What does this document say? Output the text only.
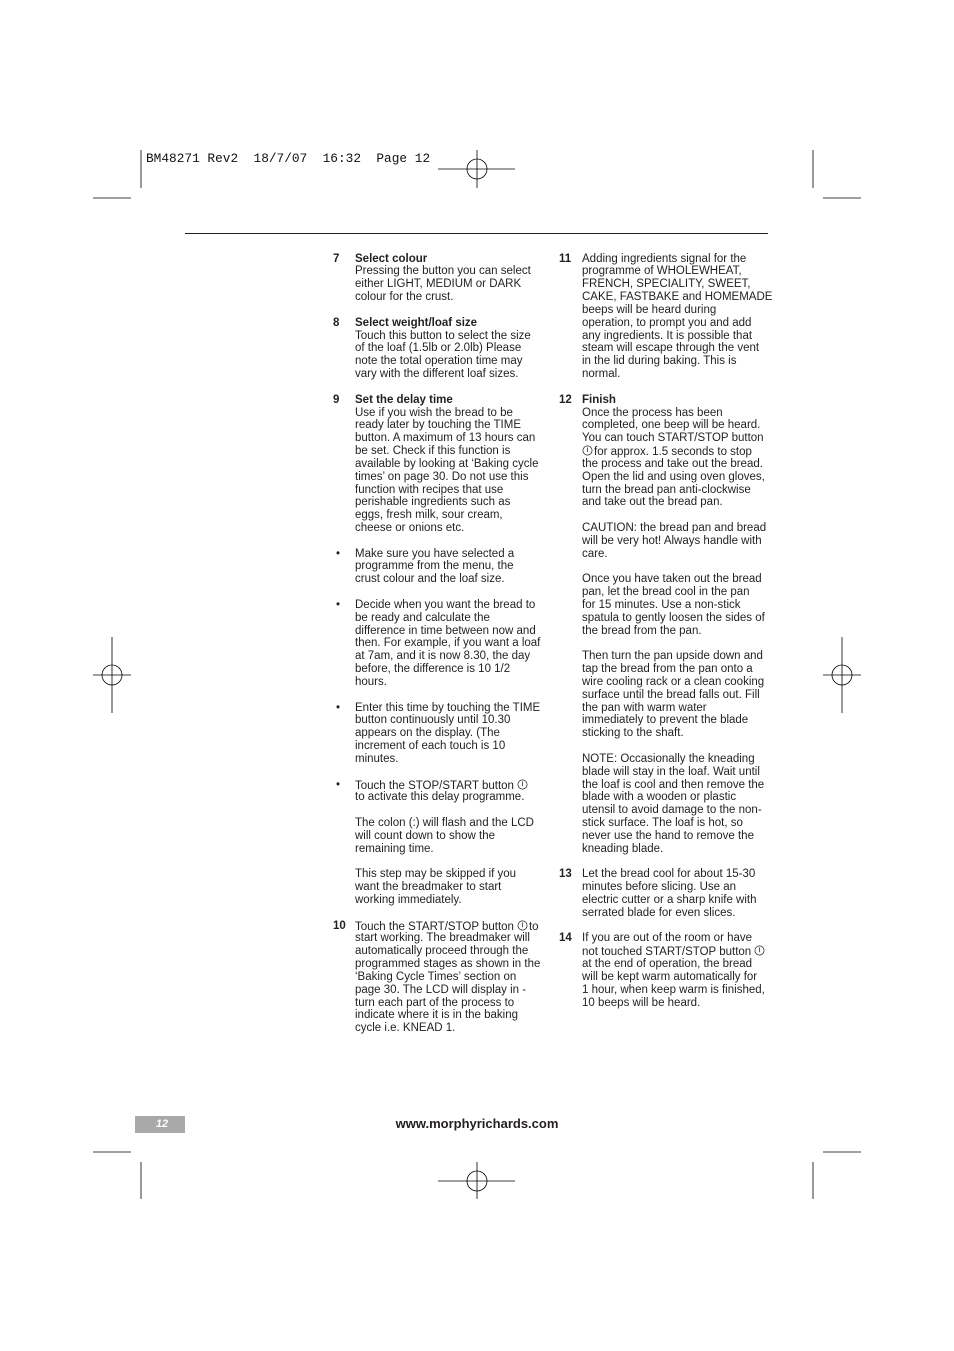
BM48271 Rev2  18/7/07  16:32  Page 12
7	Select colour
Pressing the button you can select
either LIGHT, MEDIUM or DARK
colour for the crust.
8	Select weight/loaf size
Touch this button to select the size
of the loaf (1.5lb or 2.0lb) Please
note the total operation time may
vary with the different loaf sizes.
9	Set the delay time
Use if you wish the bread to be
ready later by touching the TIME
button. A maximum of 13 hours can
be set. Check if this function is
available by looking at ‘Baking cycle
times’ on page 30. Do not use this
function with recipes that use
perishable ingredients such as
eggs, fresh milk, sour cream,
cheese or onions etc.
•	Make sure you have selected a
programme from the menu, the
crust colour and the loaf size.
•	Decide when you want the bread to
be ready and calculate the
difference in time between now and
then. For example, if you want a loaf
at 7am, and it is now 8.30, the day
before, the difference is 10 1/2
hours.
•	Enter this time by touching the TIME
button continuously until 10.30
appears on the display. (The
increment of each touch is 10
minutes.
•	Touch the STOP/START button
to activate this delay programme.
The colon (:) will flash and the LCD
will count down to show the
remaining time.
This step may be skipped if you
want the breadmaker to start
working immediately.
10 Touch the START/STOP button to
start working. The breadmaker will
automatically proceed through the
programmed stages as shown in the
‘Baking Cycle Times’ section on
page 30. The LCD will display in -
turn each part of the process to
indicate where it is in the baking
cycle i.e. KNEAD 1.
11 Adding ingredients signal for the
programme of WHOLEWHEAT,
FRENCH, SPECIALITY, SWEET,
CAKE, FASTBAKE and HOMEMADE
beeps will be heard during
operation, to prompt you and add
any ingredients. It is possible that
steam will escape through the vent
in the lid during baking. This is
normal.
12 Finish
Once the process has been
completed, one beep will be heard.
You can touch START/STOP button
for approx. 1.5 seconds to stop
the process and take out the bread.
Open the lid and using oven gloves,
turn the bread pan anti-clockwise
and take out the bread pan.
CAUTION: the bread pan and bread
will be very hot! Always handle with
care.
Once you have taken out the bread
pan, let the bread cool in the pan
for 15 minutes. Use a non-stick
spatula to gently loosen the sides of
the bread from the pan.
Then turn the pan upside down and
tap the bread from the pan onto a
wire cooling rack or a clean cooking
surface until the bread falls out. Fill
the pan with warm water
immediately to prevent the blade
sticking to the shaft.
NOTE: Occasionally the kneading
blade will stay in the loaf. Wait until
the loaf is cool and then remove the
blade with a wooden or plastic
utensil to avoid damage to the non-
stick surface. The loaf is hot, so
never use the hand to remove the
kneading blade.
13 Let the bread cool for about 15-30
minutes before slicing. Use an
electric cutter or a sharp knife with
serrated blade for even slices.
14 If you are out of the room or have
not touched START/STOP button
at the end of operation, the bread
will be kept warm automatically for
1 hour, when keep warm is finished,
10 beeps will be heard.
12	www.morphyrichards.com
